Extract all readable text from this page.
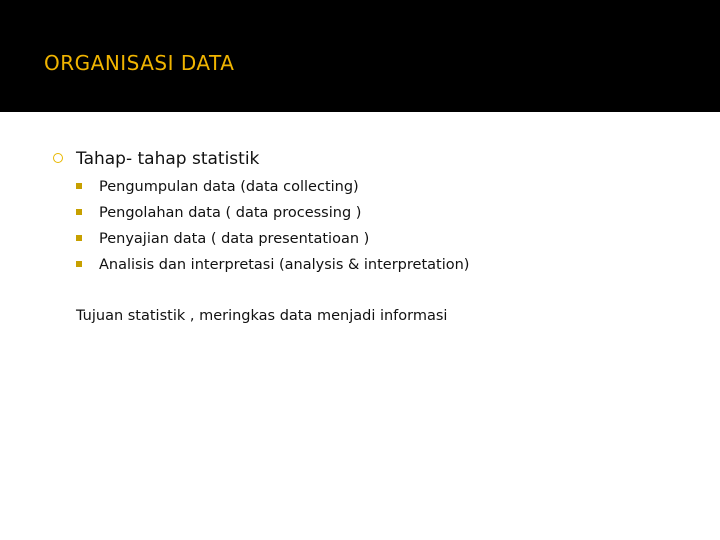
ORGANISASI DATA
Tahap- tahap statistik
Pengumpulan data (data collecting)
Pengolahan data ( data processing )
Penyajian data ( data presentatioan )
Analisis dan interpretasi (analysis & interpretation)
Tujuan statistik , meringkas data menjadi informasi
